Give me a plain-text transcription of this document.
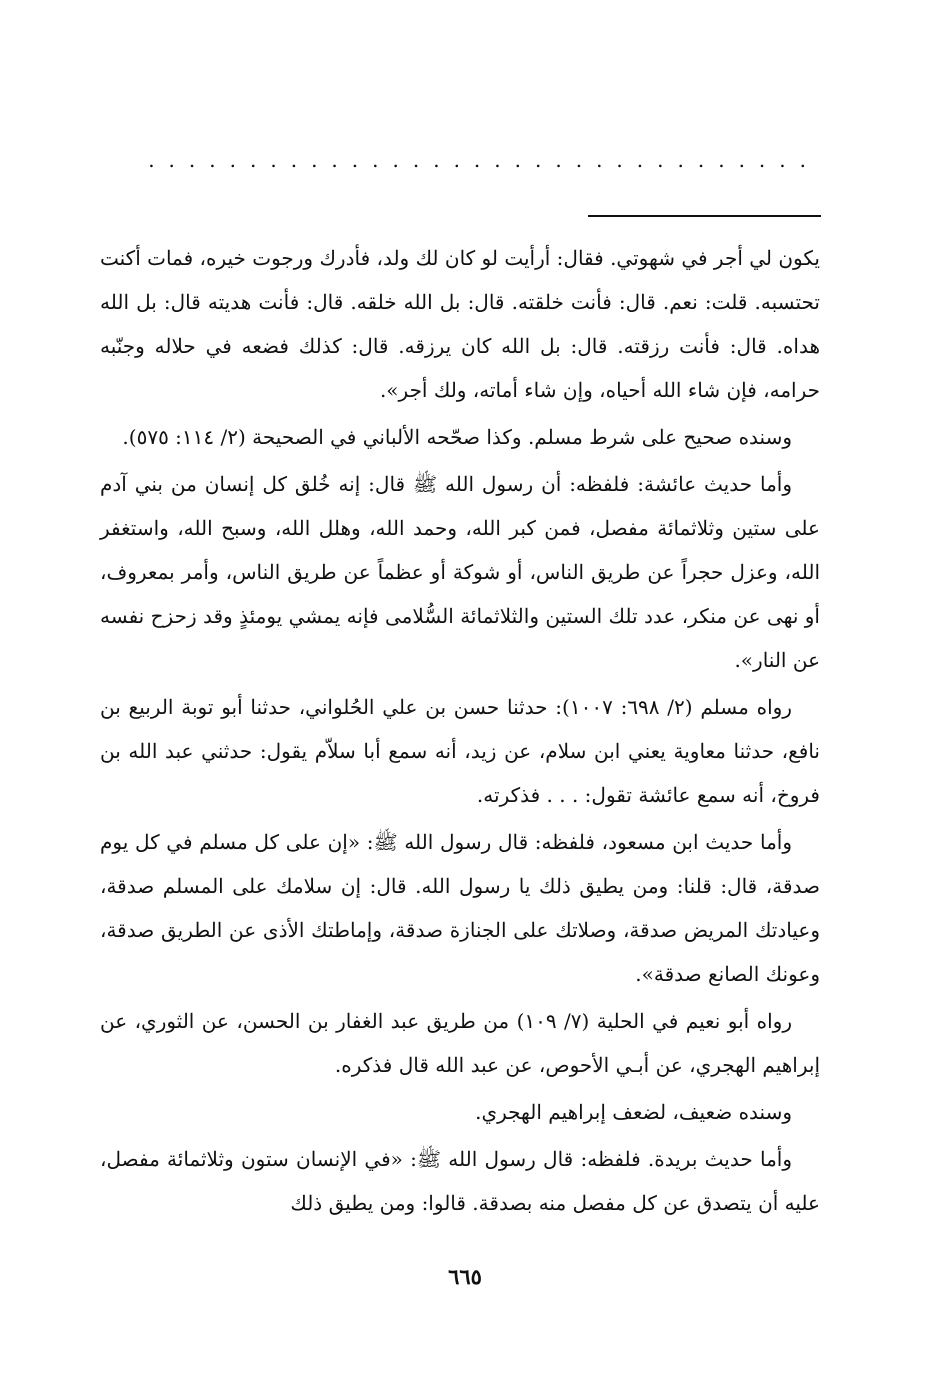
.................................

يكون لي أجر في شهوتي. فقال: أرأيت لو كان لك ولد، فأدرك ورجوت خيره، فمات أكنت تحتسبه. قلت: نعم. قال: فأنت خلقته. قال: بل الله خلقه. قال: فأنت هديته قال: بل الله هداه. قال: فأنت رزقته. قال: بل الله كان يرزقه. قال: كذلك فضعه في حلاله وجنّبه حرامه، فإن شاء الله أحياه، وإن شاء أماته، ولك أجر».

وسنده صحيح على شرط مسلم. وكذا صحّحه الألباني في الصحيحة (٢/ ١١٤: ٥٧٥).

وأما حديث عائشة: فلفظه: أن رسول الله ﷺ قال: إنه خُلق كل إنسان من بني آدم على ستين وثلاثمائة مفصل، فمن كبر الله، وحمد الله، وهلل الله، وسبح الله، واستغفر الله، وعزل حجراً عن طريق الناس، أو شوكة أو عظماً عن طريق الناس، وأمر بمعروف، أو نهى عن منكر، عدد تلك الستين والثلاثمائة السُّلامى فإنه يمشي يومئذٍ وقد زحزح نفسه عن النار».

رواه مسلم (٢/ ٦٩٨: ١٠٠٧): حدثنا حسن بن علي الحُلواني، حدثنا أبو توبة الربيع بن نافع، حدثنا معاوية يعني ابن سلام، عن زيد، أنه سمع أبا سلاّم يقول: حدثني عبد الله بن فروخ، أنه سمع عائشة تقول: . . . فذكرته.

وأما حديث ابن مسعود، فلفظه: قال رسول الله ﷺ: «إن على كل مسلم في كل يوم صدقة، قال: قلنا: ومن يطيق ذلك يا رسول الله. قال: إن سلامك على المسلم صدقة، وعيادتك المريض صدقة، وصلاتك على الجنازة صدقة، وإماطتك الأذى عن الطريق صدقة، وعونك الصانع صدقة».

رواه أبو نعيم في الحلية (٧/ ١٠٩) من طريق عبد الغفار بن الحسن، عن الثوري، عن إبراهيم الهجري، عن أبـي الأحوص، عن عبد الله قال فذكره.

وسنده ضعيف، لضعف إبراهيم الهجري.

وأما حديث بريدة. فلفظه: قال رسول الله ﷺ: «في الإنسان ستون وثلاثمائة مفصل، عليه أن يتصدق عن كل مفصل منه بصدقة. قالوا: ومن يطيق ذلك

٦٦٥
